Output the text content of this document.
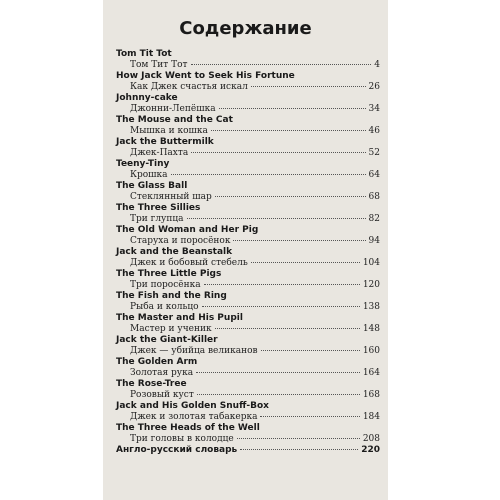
Содержание
Tom Tit Tot
Том Тит Тот	4
How Jack Went to Seek His Fortune
Как Джек счастья искал	26
Johnny-cake
Джонни-Лепёшка	34
The Mouse and the Cat
Мышка и кошка	46
Jack the Buttermilk
Джек-Пахта	52
Teeny-Tiny
Крошка	64
The Glass Ball
Стеклянный шар	68
The Three Sillies
Три глупца	82
The Old Woman and Her Pig
Старуха и поросёнок	94
Jack and the Beanstalk
Джек и бобовый стебель	104
The Three Little Pigs
Три поросёнка	120
The Fish and the Ring
Рыба и кольцо	138
The Master and His Pupil
Мастер и ученик	148
Jack the Giant-Killer
Джек — убийца великанов	160
The Golden Arm
Золотая рука	164
The Rose-Tree
Розовый куст	168
Jack and His Golden Snuff-Box
Джек и золотая табакерка	184
The Three Heads of the Well
Три головы в колодце	208
Англо-русский словарь	220
